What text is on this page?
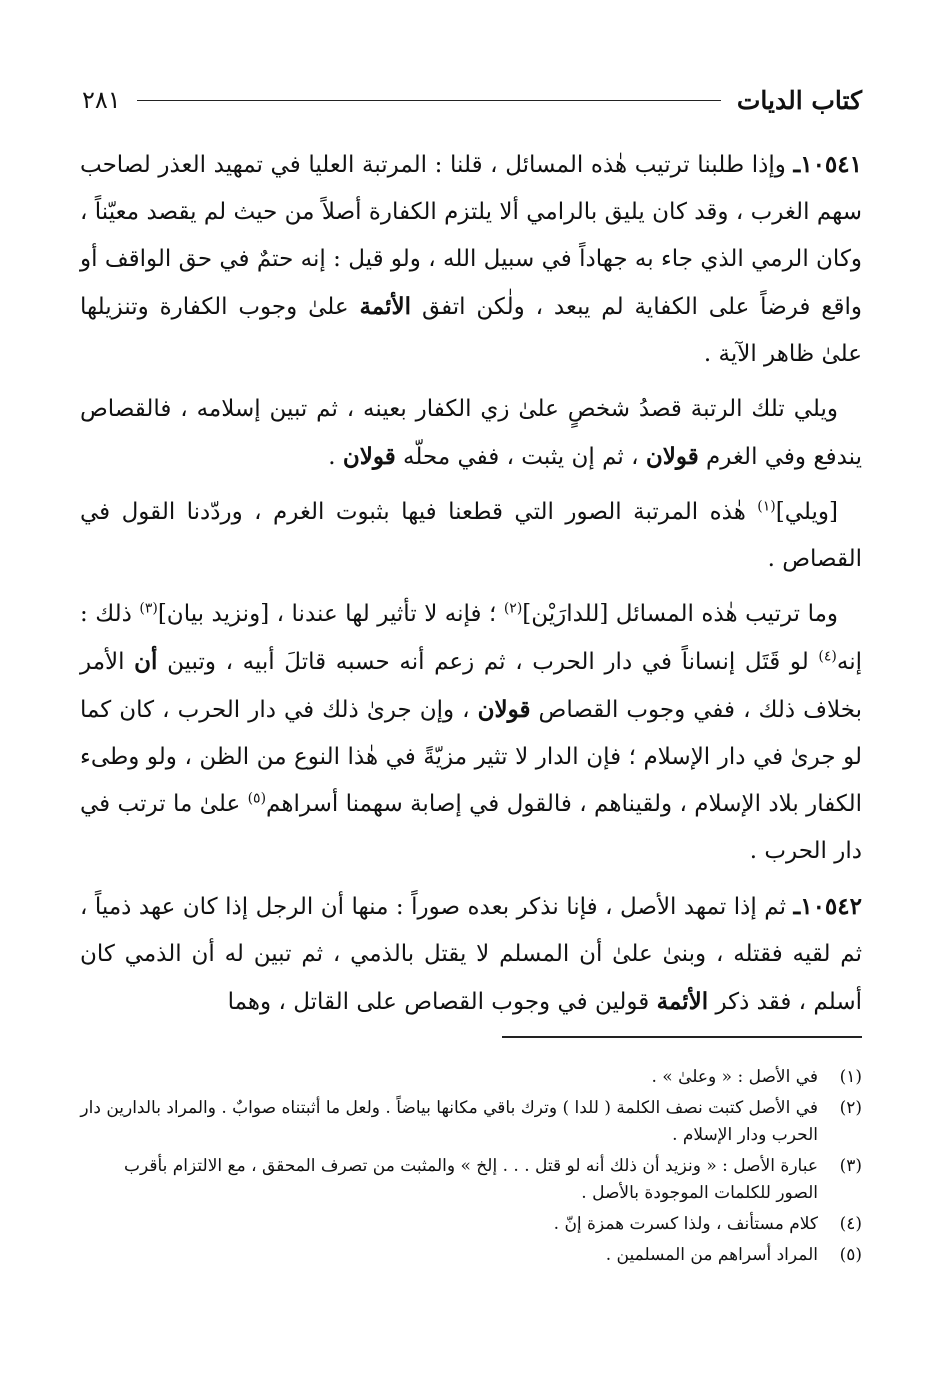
كتاب الديات
٢٨١

١٠٥٤١ـ وإذا طلبنا ترتيب هٰذه المسائل ، قلنا : المرتبة العليا في تمهيد العذر لصاحب سهم الغرب ، وقد كان يليق بالرامي ألا يلتزم الكفارة أصلاً من حيث لم يقصد معيّناً ، وكان الرمي الذي جاء به جهاداً في سبيل الله ، ولو قيل : إنه حتمٌ في حق الواقف أو واقع فرضاً على الكفاية لم يبعد ، ولٰكن اتفق الأئمة علىٰ وجوب الكفارة وتنزيلها علىٰ ظاهر الآية .

ويلي تلك الرتبة قصدُ شخصٍ علىٰ زي الكفار بعينه ، ثم تبين إسلامه ، فالقصاص يندفع وفي الغرم قولان ، ثم إن يثبت ، ففي محلّه قولان .

[ويلي]$^{(١)}$ هٰذه المرتبة الصور التي قطعنا فيها بثبوت الغرم ، وردّدنا القول في القصاص .

وما ترتيب هٰذه المسائل [للدارَيْن]$^{(٢)}$ ؛ فإنه لا تأثير لها عندنا ، [ونزيد بيان]$^{(٣)}$ ذلك : إنه$^{(٤)}$ لو قَتَل إنساناً في دار الحرب ، ثم زعم أنه حسبه قاتلَ أبيه ، وتبين أن الأمر بخلاف ذلك ، ففي وجوب القصاص قولان ، وإن جرىٰ ذلك في دار الحرب ، كان كما لو جرىٰ في دار الإسلام ؛ فإن الدار لا تثير مزيّةً في هٰذا النوع من الظن ، ولو وطىء الكفار بلاد الإسلام ، ولقيناهم ، فالقول في إصابة سهمنا أسراهم$^{(٥)}$ علىٰ ما ترتب في دار الحرب .

١٠٥٤٢ـ ثم إذا تمهد الأصل ، فإنا نذكر بعده صوراً : منها أن الرجل إذا كان عهد ذمياً ، ثم لقيه فقتله ، وبنىٰ علىٰ أن المسلم لا يقتل بالذمي ، ثم تبين له أن الذمي كان أسلم ، فقد ذكر الأئمة قولين في وجوب القصاص على القاتل ، وهما

(١)
في الأصل : « وعلىٰ » .
(٢)
في الأصل كتبت نصف الكلمة ( للدا ) وترك باقي مكانها بياضاً . ولعل ما أثبتناه صوابٌ . والمراد بالدارين دار الحرب ودار الإسلام .
(٣)
عبارة الأصل : « ونزيد أن ذلك أنه لو قتل . . . إلخ » والمثبت من تصرف المحقق ، مع الالتزام بأقرب الصور للكلمات الموجودة بالأصل .
(٤)
كلام مستأنف ، ولذا كسرت همزة إنّ .
(٥)
المراد أسراهم من المسلمين .
